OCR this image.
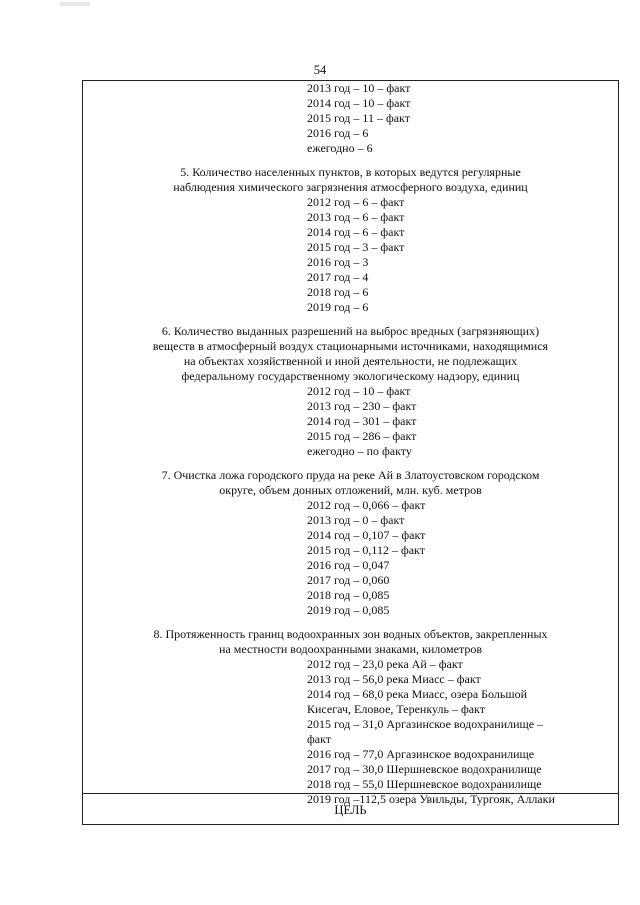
54
2013 год – 10 – факт
2014 год – 10 – факт
2015 год – 11 – факт
2016 год – 6
ежегодно – 6
5. Количество населенных пунктов, в которых ведутся регулярные
наблюдения химического загрязнения атмосферного воздуха, единиц
2012 год – 6 – факт
2013 год – 6 – факт
2014 год – 6 – факт
2015 год – 3 – факт
2016 год – 3
2017 год – 4
2018 год – 6
2019 год – 6
6. Количество выданных разрешений на выброс вредных (загрязняющих)
веществ в атмосферный воздух стационарными источниками, находящимися
на объектах хозяйственной и иной деятельности, не подлежащих
федеральному государственному экологическому надзору, единиц
2012 год – 10 – факт
2013 год – 230 – факт
2014 год – 301 – факт
2015 год – 286 – факт
ежегодно – по факту
7. Очистка ложа городского пруда на реке Ай в Златоустовском городском
округе, объем донных отложений, млн. куб. метров
2012 год – 0,066 – факт
2013 год – 0 – факт
2014 год – 0,107 – факт
2015 год – 0,112 – факт
2016 год – 0,047
2017 год – 0,060
2018 год – 0,085
2019 год – 0,085
8. Протяженность границ водоохранных зон водных объектов, закрепленных
на местности водоохранными знаками, километров
2012 год – 23,0 река Ай – факт
2013 год – 56,0 река Миасс – факт
2014 год – 68,0 река Миасс, озера Большой
Кисегач, Еловое, Теренкуль – факт
2015 год – 31,0 Аргазинское водохранилище –
факт
2016 год – 77,0 Аргазинское водохранилище
2017 год – 30,0 Шершневское водохранилище
2018 год – 55,0 Шершневское водохранилище
2019 год –112,5 озера Увильды, Тургояк, Аллаки
ЦЕЛЬ
